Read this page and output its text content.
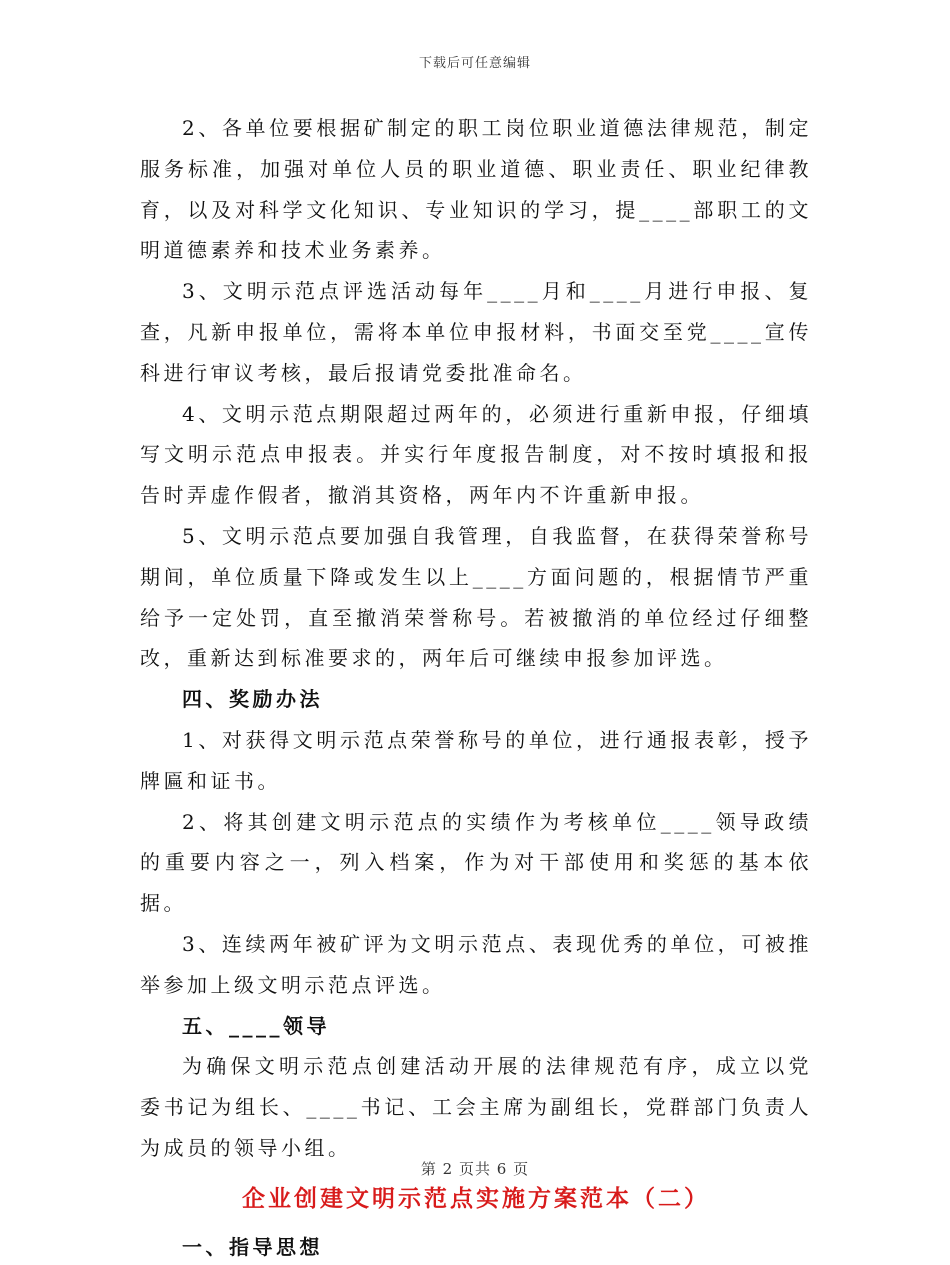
下载后可任意编辑

2、各单位要根据矿制定的职工岗位职业道德法律规范，制定服务标准，加强对单位人员的职业道德、职业责任、职业纪律教育，以及对科学文化知识、专业知识的学习，提____部职工的文明道德素养和技术业务素养。

3、文明示范点评选活动每年____月和____月进行申报、复查，凡新申报单位，需将本单位申报材料，书面交至党____宣传科进行审议考核，最后报请党委批准命名。

4、文明示范点期限超过两年的，必须进行重新申报，仔细填写文明示范点申报表。并实行年度报告制度，对不按时填报和报告时弄虚作假者，撤消其资格，两年内不许重新申报。

5、文明示范点要加强自我管理，自我监督，在获得荣誉称号期间，单位质量下降或发生以上____方面问题的，根据情节严重给予一定处罚，直至撤消荣誉称号。若被撤消的单位经过仔细整改，重新达到标准要求的，两年后可继续申报参加评选。

四、奖励办法

1、对获得文明示范点荣誉称号的单位，进行通报表彰，授予牌匾和证书。

2、将其创建文明示范点的实绩作为考核单位____领导政绩的重要内容之一，列入档案，作为对干部使用和奖惩的基本依据。

3、连续两年被矿评为文明示范点、表现优秀的单位，可被推举参加上级文明示范点评选。

五、____领导

为确保文明示范点创建活动开展的法律规范有序，成立以党委书记为组长、____书记、工会主席为副组长，党群部门负责人为成员的领导小组。

企业创建文明示范点实施方案范本（二）

一、指导思想

第 2 页共 6 页
